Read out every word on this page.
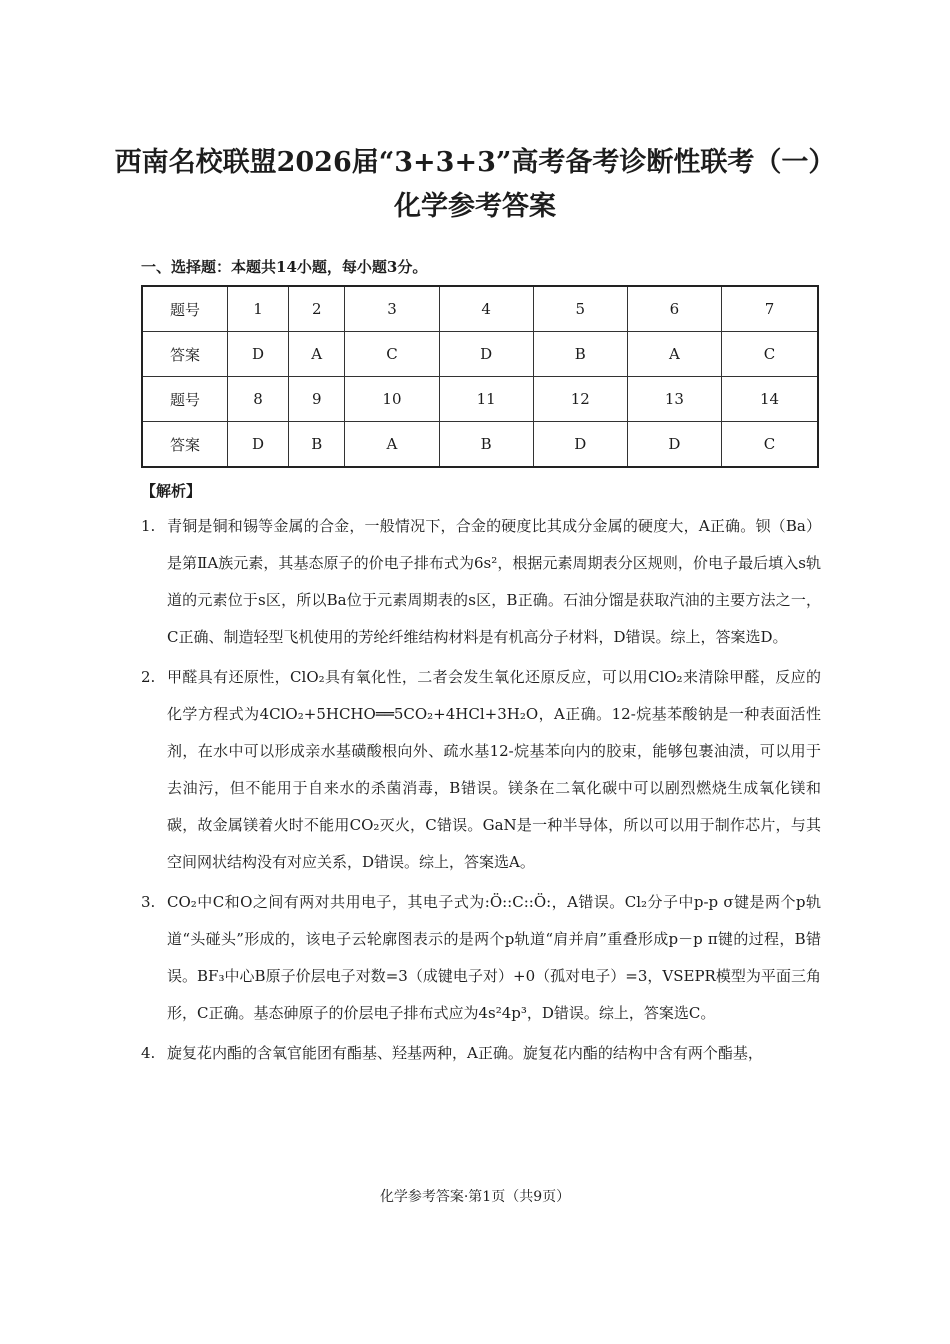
西南名校联盟2026届“3+3+3”高考备考诊断性联考（一）
化学参考答案
一、选择题：本题共14小题，每小题3分。
题号	1	2	3	4	5	6	7
答案	D	A	C	D	B	A	C
题号	8	9	10	11	12	13	14
答案	D	B	A	B	D	D	C
【解析】
1. 青铜是铜和锡等金属的合金，一般情况下，合金的硬度比其成分金属的硬度大，A正确。钡（Ba）是第ⅡA族元素，其基态原子的价电子排布式为6s²，根据元素周期表分区规则，价电子最后填入s轨道的元素位于s区，所以Ba位于元素周期表的s区，B正确。石油分馏是获取汽油的主要方法之一，C正确、制造轻型飞机使用的芳纶纤维结构材料是有机高分子材料，D错误。综上，答案选D。
2. 甲醛具有还原性，ClO₂具有氧化性，二者会发生氧化还原反应，可以用ClO₂来清除甲醛，反应的化学方程式为4ClO₂+5HCHO══5CO₂+4HCl+3H₂O，A正确。12-烷基苯酸钠是一种表面活性剂，在水中可以形成亲水基磺酸根向外、疏水基12-烷基苯向内的胶束，能够包裹油渍，可以用于去油污，但不能用于自来水的杀菌消毒，B错误。镁条在二氧化碳中可以剧烈燃烧生成氧化镁和碳，故金属镁着火时不能用CO₂灭火，C错误。GaN是一种半导体，所以可以用于制作芯片，与其空间网状结构没有对应关系，D错误。综上，答案选A。
3. CO₂中C和O之间有两对共用电子，其电子式为:Ö::C::Ö:，A错误。Cl₂分子中p-p σ键是两个p轨道“头碰头”形成的，该电子云轮廓图表示的是两个p轨道“肩并肩”重叠形成p－p π键的过程，B错误。BF₃中心B原子价层电子对数=3（成键电子对）+0（孤对电子）=3，VSEPR模型为平面三角形，C正确。基态砷原子的价层电子排布式应为4s²4p³，D错误。综上，答案选C。
4. 旋复花内酯的含氧官能团有酯基、羟基两种，A正确。旋复花内酯的结构中含有两个酯基，
化学参考答案·第1页（共9页）
